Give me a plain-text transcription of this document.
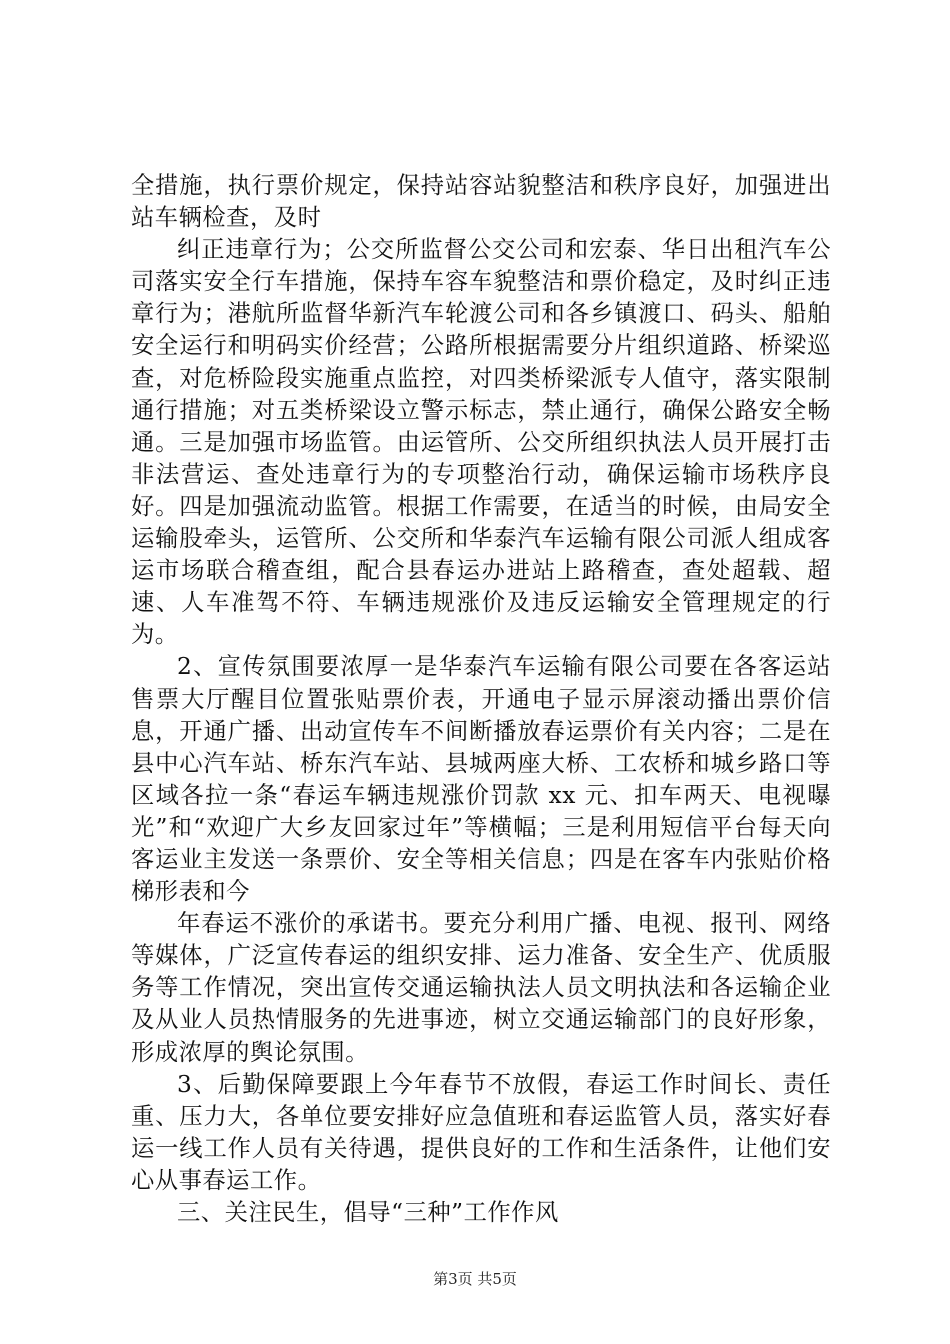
全措施，执行票价规定，保持站容站貌整洁和秩序良好，加强进出站车辆检查，及时

纠正违章行为；公交所监督公交公司和宏泰、华日出租汽车公司落实安全行车措施，保持车容车貌整洁和票价稳定，及时纠正违章行为；港航所监督华新汽车轮渡公司和各乡镇渡口、码头、船舶安全运行和明码实价经营；公路所根据需要分片组织道路、桥梁巡查，对危桥险段实施重点监控，对四类桥梁派专人值守，落实限制通行措施；对五类桥梁设立警示标志，禁止通行，确保公路安全畅通。三是加强市场监管。由运管所、公交所组织执法人员开展打击非法营运、查处违章行为的专项整治行动，确保运输市场秩序良好。四是加强流动监管。根据工作需要，在适当的时候，由局安全运输股牵头，运管所、公交所和华泰汽车运输有限公司派人组成客运市场联合稽查组，配合县春运办进站上路稽查，查处超载、超速、人车准驾不符、车辆违规涨价及违反运输安全管理规定的行为。

2、宣传氛围要浓厚一是华泰汽车运输有限公司要在各客运站售票大厅醒目位置张贴票价表，开通电子显示屏滚动播出票价信息，开通广播、出动宣传车不间断播放春运票价有关内容；二是在县中心汽车站、桥东汽车站、县城两座大桥、工农桥和城乡路口等区域各拉一条“春运车辆违规涨价罚款 xx 元、扣车两天、电视曝光”和“欢迎广大乡友回家过年”等横幅；三是利用短信平台每天向客运业主发送一条票价、安全等相关信息；四是在客车内张贴价格梯形表和今

年春运不涨价的承诺书。要充分利用广播、电视、报刊、网络等媒体，广泛宣传春运的组织安排、运力准备、安全生产、优质服务等工作情况，突出宣传交通运输执法人员文明执法和各运输企业及从业人员热情服务的先进事迹，树立交通运输部门的良好形象，形成浓厚的舆论氛围。

3、后勤保障要跟上今年春节不放假，春运工作时间长、责任重、压力大，各单位要安排好应急值班和春运监管人员，落实好春运一线工作人员有关待遇，提供良好的工作和生活条件，让他们安心从事春运工作。

三、关注民生，倡导“三种”工作作风

第3页 共5页
